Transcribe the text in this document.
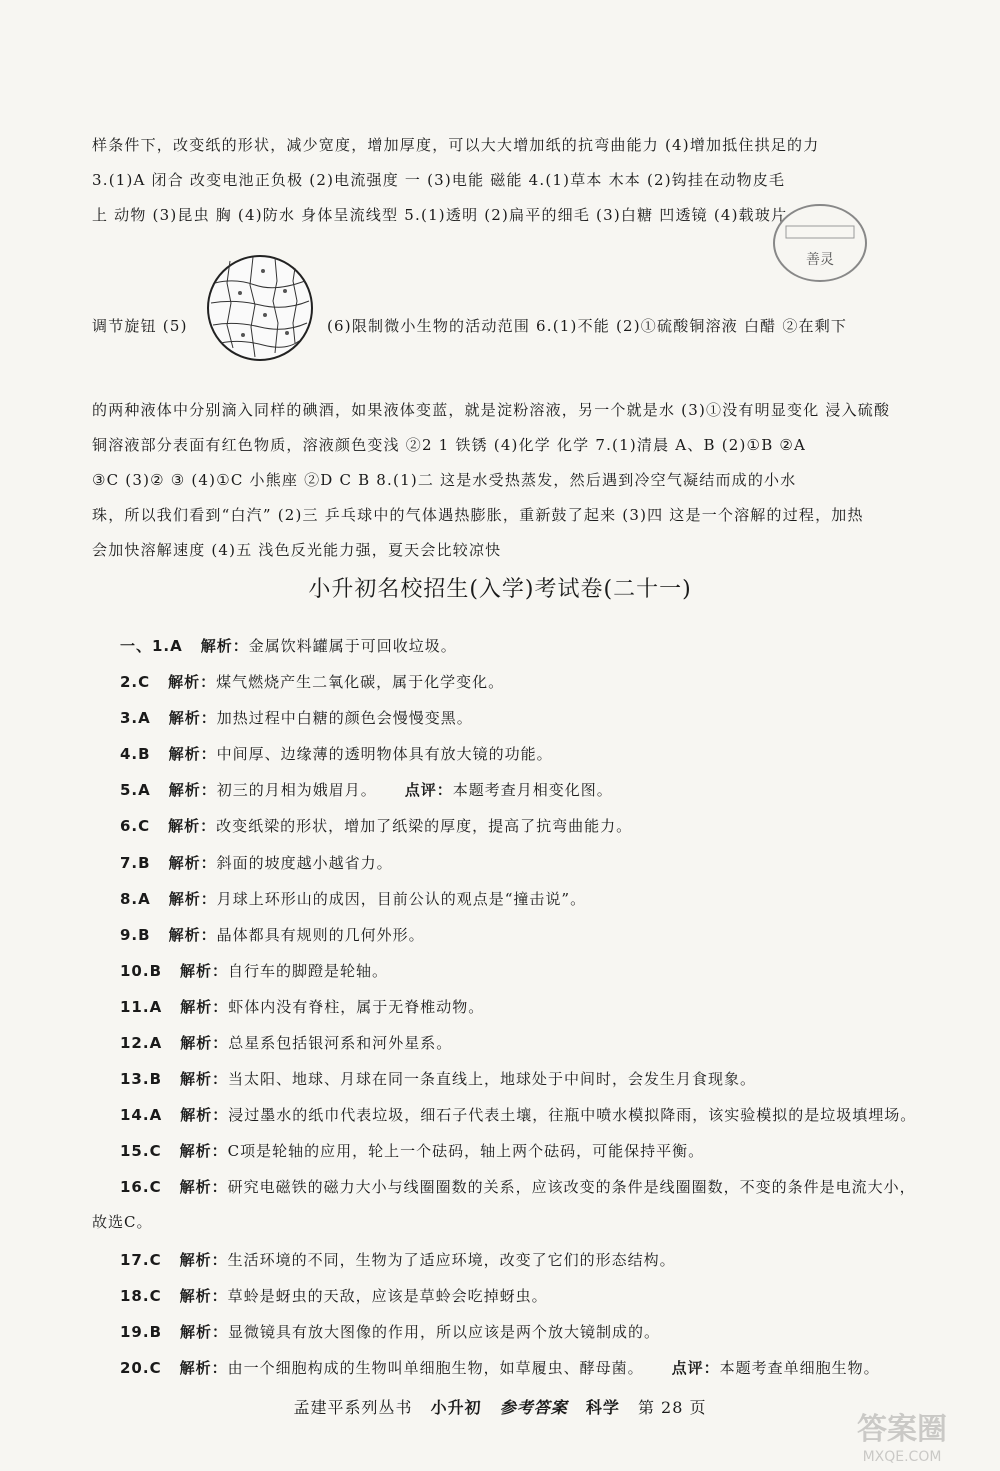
样条件下，改变纸的形状，减少宽度，增加厚度，可以大大增加纸的抗弯曲能力 (4)增加抵住拱足的力
3.(1)A 闭合 改变电池正负极 (2)电流强度 一 (3)电能 磁能 4.(1)草本 木本 (2)钩挂在动物皮毛
上 动物 (3)昆虫 胸 (4)防水 身体呈流线型 5.(1)透明 (2)扁平的细毛 (3)白糖 凹透镜 (4)载玻片
调节旋钮 (5)	(6)限制微小生物的活动范围 6.(1)不能 (2)①硫酸铜溶液 白醋 ②在剩下
的两种液体中分别滴入同样的碘酒，如果液体变蓝，就是淀粉溶液，另一个就是水 (3)①没有明显变化 浸入硫酸
铜溶液部分表面有红色物质，溶液颜色变浅 ②2 1 铁锈 (4)化学 化学 7.(1)清晨 A、B (2)①B ②A
③C (3)② ③ (4)①C 小熊座 ②D C B 8.(1)二 这是水受热蒸发，然后遇到冷空气凝结而成的小水
珠，所以我们看到“白汽” (2)三 乒乓球中的气体遇热膨胀，重新鼓了起来 (3)四 这是一个溶解的过程，加热
会加快溶解速度 (4)五 浅色反光能力强，夏天会比较凉快
善灵
小升初名校招生(入学)考试卷(二十一)
一、1.A 解析：金属饮料罐属于可回收垃圾。
2.C 解析：煤气燃烧产生二氧化碳，属于化学变化。
3.A 解析：加热过程中白糖的颜色会慢慢变黑。
4.B 解析：中间厚、边缘薄的透明物体具有放大镜的功能。
5.A 解析：初三的月相为娥眉月。 点评：本题考查月相变化图。
6.C 解析：改变纸梁的形状，增加了纸梁的厚度，提高了抗弯曲能力。
7.B 解析：斜面的坡度越小越省力。
8.A 解析：月球上环形山的成因，目前公认的观点是“撞击说”。
9.B 解析：晶体都具有规则的几何外形。
10.B 解析：自行车的脚蹬是轮轴。
11.A 解析：虾体内没有脊柱，属于无脊椎动物。
12.A 解析：总星系包括银河系和河外星系。
13.B 解析：当太阳、地球、月球在同一条直线上，地球处于中间时，会发生月食现象。
14.A 解析：浸过墨水的纸巾代表垃圾，细石子代表土壤，往瓶中喷水模拟降雨，该实验模拟的是垃圾填埋场。
15.C 解析：C项是轮轴的应用，轮上一个砝码，轴上两个砝码，可能保持平衡。
16.C 解析：研究电磁铁的磁力大小与线圈圈数的关系，应该改变的条件是线圈圈数，不变的条件是电流大小，
17.C 解析：生活环境的不同，生物为了适应环境，改变了它们的形态结构。
18.C 解析：草蛉是蚜虫的天敌，应该是草蛉会吃掉蚜虫。
19.B 解析：显微镜具有放大图像的作用，所以应该是两个放大镜制成的。
20.C 解析：由一个细胞构成的生物叫单细胞生物，如草履虫、酵母菌。 点评：本题考查单细胞生物。
故选C。
孟建平系列丛书 小升初 参考答案 科学 第 28 页
答案圈
MXQE.COM
